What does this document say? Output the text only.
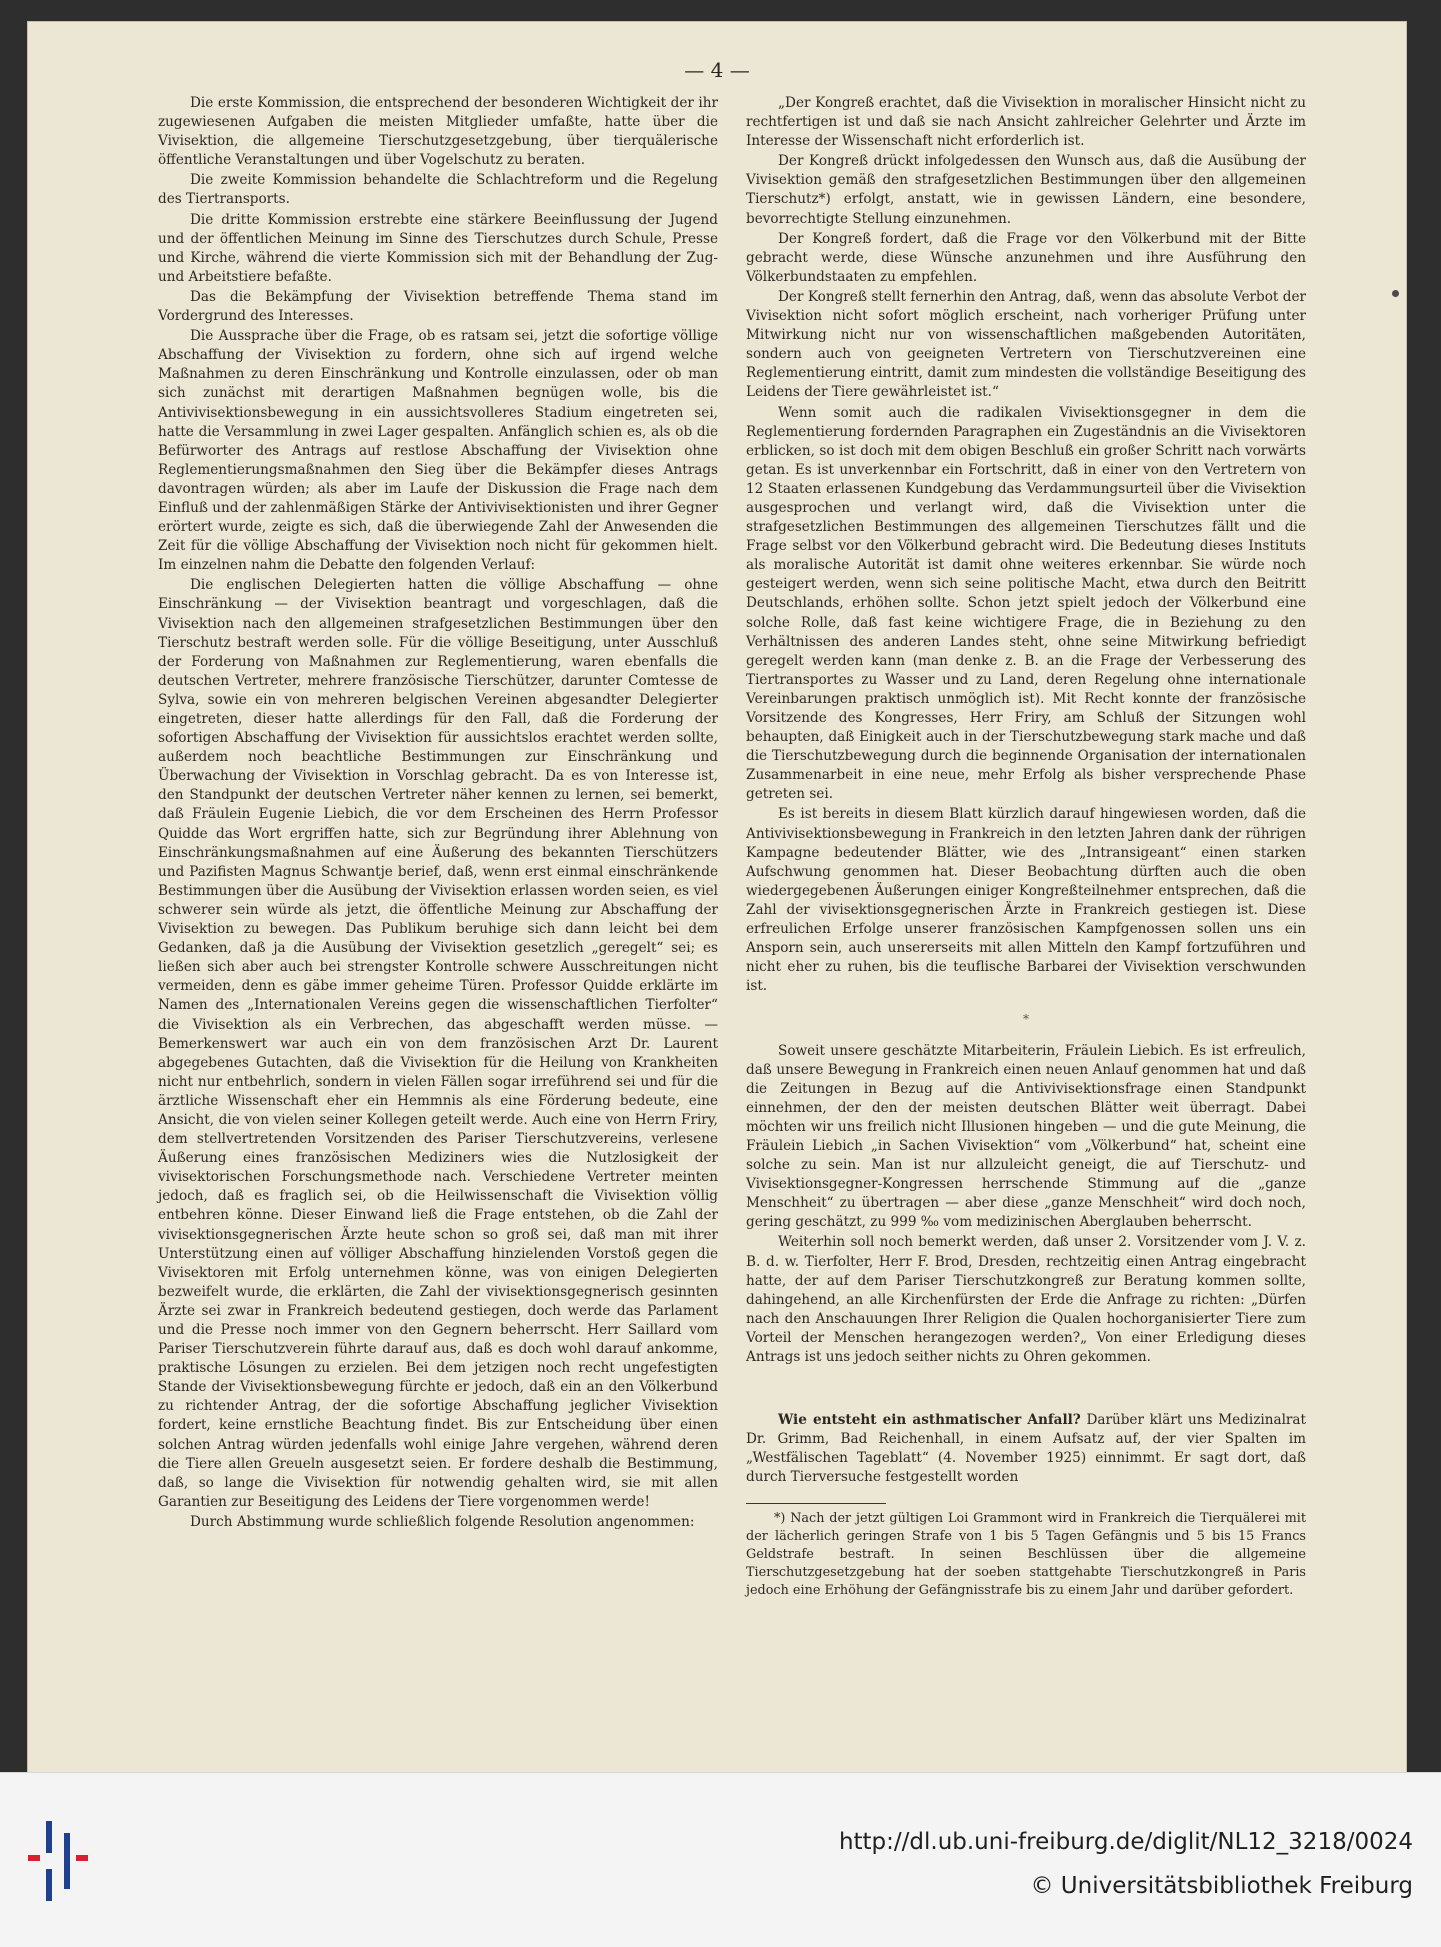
— 4 —

Die erste Kommission, die entsprechend der besonderen Wichtigkeit der ihr zugewiesenen Aufgaben die meisten Mitglieder umfaßte, hatte über die Vivisektion, die allgemeine Tierschutzgesetzgebung, über tierquälerische öffentliche Veranstaltungen und über Vogelschutz zu beraten.

Die zweite Kommission behandelte die Schlachtreform und die Regelung des Tiertransports.

Die dritte Kommission erstrebte eine stärkere Beeinflussung der Jugend und der öffentlichen Meinung im Sinne des Tierschutzes durch Schule, Presse und Kirche, während die vierte Kommission sich mit der Behandlung der Zug- und Arbeitstiere befaßte.

Das die Bekämpfung der Vivisektion betreffende Thema stand im Vordergrund des Interesses.

Die Aussprache über die Frage, ob es ratsam sei, jetzt die sofortige völlige Abschaffung der Vivisektion zu fordern, ohne sich auf irgend welche Maßnahmen zu deren Einschränkung und Kontrolle einzulassen, oder ob man sich zunächst mit derartigen Maßnahmen begnügen wolle, bis die Antivivisektionsbewegung in ein aussichtsvolleres Stadium eingetreten sei, hatte die Versammlung in zwei Lager gespalten. Anfänglich schien es, als ob die Befürworter des Antrags auf restlose Abschaffung der Vivisektion ohne Reglementierungsmaßnahmen den Sieg über die Bekämpfer dieses Antrags davontragen würden; als aber im Laufe der Diskussion die Frage nach dem Einfluß und der zahlenmäßigen Stärke der Antivivisektionisten und ihrer Gegner erörtert wurde, zeigte es sich, daß die überwiegende Zahl der Anwesenden die Zeit für die völlige Abschaffung der Vivisektion noch nicht für gekommen hielt. Im einzelnen nahm die Debatte den folgenden Verlauf:

Die englischen Delegierten hatten die völlige Abschaffung — ohne Einschränkung — der Vivisektion beantragt und vorgeschlagen, daß die Vivisektion nach den allgemeinen strafgesetzlichen Bestimmungen über den Tierschutz bestraft werden solle. Für die völlige Beseitigung, unter Ausschluß der Forderung von Maßnahmen zur Reglementierung, waren ebenfalls die deutschen Vertreter, mehrere französische Tierschützer, darunter Comtesse de Sylva, sowie ein von mehreren belgischen Vereinen abgesandter Delegierter eingetreten, dieser hatte allerdings für den Fall, daß die Forderung der sofortigen Abschaffung der Vivisektion für aussichtslos erachtet werden sollte, außerdem noch beachtliche Bestimmungen zur Einschränkung und Überwachung der Vivisektion in Vorschlag gebracht. Da es von Interesse ist, den Standpunkt der deutschen Vertreter näher kennen zu lernen, sei bemerkt, daß Fräulein Eugenie Liebich, die vor dem Erscheinen des Herrn Professor Quidde das Wort ergriffen hatte, sich zur Begründung ihrer Ablehnung von Einschränkungsmaßnahmen auf eine Äußerung des bekannten Tierschützers und Pazifisten Magnus Schwantje berief, daß, wenn erst einmal einschränkende Bestimmungen über die Ausübung der Vivisektion erlassen worden seien, es viel schwerer sein würde als jetzt, die öffentliche Meinung zur Abschaffung der Vivisektion zu bewegen. Das Publikum beruhige sich dann leicht bei dem Gedanken, daß ja die Ausübung der Vivisektion gesetzlich „geregelt“ sei; es ließen sich aber auch bei strengster Kontrolle schwere Ausschreitungen nicht vermeiden, denn es gäbe immer geheime Türen. Professor Quidde erklärte im Namen des „Internationalen Vereins gegen die wissenschaftlichen Tierfolter“ die Vivisektion als ein Verbrechen, das abgeschafft werden müsse. — Bemerkenswert war auch ein von dem französischen Arzt Dr. Laurent abgegebenes Gutachten, daß die Vivisektion für die Heilung von Krankheiten nicht nur entbehrlich, sondern in vielen Fällen sogar irreführend sei und für die ärztliche Wissenschaft eher ein Hemmnis als eine Förderung bedeute, eine Ansicht, die von vielen seiner Kollegen geteilt werde. Auch eine von Herrn Friry, dem stellvertretenden Vorsitzenden des Pariser Tierschutzvereins, verlesene Äußerung eines französischen Mediziners wies die Nutzlosigkeit der vivisektorischen Forschungsmethode nach. Verschiedene Vertreter meinten jedoch, daß es fraglich sei, ob die Heilwissenschaft die Vivisektion völlig entbehren könne. Dieser Einwand ließ die Frage entstehen, ob die Zahl der vivisektionsgegnerischen Ärzte heute schon so groß sei, daß man mit ihrer Unterstützung einen auf völliger Abschaffung hinzielenden Vorstoß gegen die Vivisektoren mit Erfolg unternehmen könne, was von einigen Delegierten bezweifelt wurde, die erklärten, die Zahl der vivisektionsgegnerisch gesinnten Ärzte sei zwar in Frankreich bedeutend gestiegen, doch werde das Parlament und die Presse noch immer von den Gegnern beherrscht. Herr Saillard vom Pariser Tierschutzverein führte darauf aus, daß es doch wohl darauf ankomme, praktische Lösungen zu erzielen. Bei dem jetzigen noch recht ungefestigten Stande der Vivisektionsbewegung fürchte er jedoch, daß ein an den Völkerbund zu richtender Antrag, der die sofortige Abschaffung jeglicher Vivisektion fordert, keine ernstliche Beachtung findet. Bis zur Entscheidung über einen solchen Antrag würden jedenfalls wohl einige Jahre vergehen, während deren die Tiere allen Greueln ausgesetzt seien. Er fordere deshalb die Bestimmung, daß, so lange die Vivisektion für notwendig gehalten wird, sie mit allen Garantien zur Beseitigung des Leidens der Tiere vorgenommen werde!

Durch Abstimmung wurde schließlich folgende Resolution angenommen:

„Der Kongreß erachtet, daß die Vivisektion in moralischer Hinsicht nicht zu rechtfertigen ist und daß sie nach Ansicht zahlreicher Gelehrter und Ärzte im Interesse der Wissenschaft nicht erforderlich ist.

Der Kongreß drückt infolgedessen den Wunsch aus, daß die Ausübung der Vivisektion gemäß den strafgesetzlichen Bestimmungen über den allgemeinen Tierschutz*) erfolgt, anstatt, wie in gewissen Ländern, eine besondere, bevorrechtigte Stellung einzunehmen.

Der Kongreß fordert, daß die Frage vor den Völkerbund mit der Bitte gebracht werde, diese Wünsche anzunehmen und ihre Ausführung den Völkerbundstaaten zu empfehlen.

Der Kongreß stellt fernerhin den Antrag, daß, wenn das absolute Verbot der Vivisektion nicht sofort möglich erscheint, nach vorheriger Prüfung unter Mitwirkung nicht nur von wissenschaftlichen maßgebenden Autoritäten, sondern auch von geeigneten Vertretern von Tierschutzvereinen eine Reglementierung eintritt, damit zum mindesten die vollständige Beseitigung des Leidens der Tiere gewährleistet ist.“

Wenn somit auch die radikalen Vivisektionsgegner in dem die Reglementierung fordernden Paragraphen ein Zugeständnis an die Vivisektoren erblicken, so ist doch mit dem obigen Beschluß ein großer Schritt nach vorwärts getan. Es ist unverkennbar ein Fortschritt, daß in einer von den Vertretern von 12 Staaten erlassenen Kundgebung das Verdammungsurteil über die Vivisektion ausgesprochen und verlangt wird, daß die Vivisektion unter die strafgesetzlichen Bestimmungen des allgemeinen Tierschutzes fällt und die Frage selbst vor den Völkerbund gebracht wird. Die Bedeutung dieses Instituts als moralische Autorität ist damit ohne weiteres erkennbar. Sie würde noch gesteigert werden, wenn sich seine politische Macht, etwa durch den Beitritt Deutschlands, erhöhen sollte. Schon jetzt spielt jedoch der Völkerbund eine solche Rolle, daß fast keine wichtigere Frage, die in Beziehung zu den Verhältnissen des anderen Landes steht, ohne seine Mitwirkung befriedigt geregelt werden kann (man denke z. B. an die Frage der Verbesserung des Tiertransportes zu Wasser und zu Land, deren Regelung ohne internationale Vereinbarungen praktisch unmöglich ist). Mit Recht konnte der französische Vorsitzende des Kongresses, Herr Friry, am Schluß der Sitzungen wohl behaupten, daß Einigkeit auch in der Tierschutzbewegung stark mache und daß die Tierschutzbewegung durch die beginnende Organisation der internationalen Zusammenarbeit in eine neue, mehr Erfolg als bisher versprechende Phase getreten sei.

Es ist bereits in diesem Blatt kürzlich darauf hingewiesen worden, daß die Antivivisektionsbewegung in Frankreich in den letzten Jahren dank der rührigen Kampagne bedeutender Blätter, wie des „Intransigeant“ einen starken Aufschwung genommen hat. Dieser Beobachtung dürften auch die oben wiedergegebenen Äußerungen einiger Kongreßteilnehmer entsprechen, daß die Zahl der vivisektionsgegnerischen Ärzte in Frankreich gestiegen ist. Diese erfreulichen Erfolge unserer französischen Kampfgenossen sollen uns ein Ansporn sein, auch unsererseits mit allen Mitteln den Kampf fortzuführen und nicht eher zu ruhen, bis die teuflische Barbarei der Vivisektion verschwunden ist.

*

Soweit unsere geschätzte Mitarbeiterin, Fräulein Liebich. Es ist erfreulich, daß unsere Bewegung in Frankreich einen neuen Anlauf genommen hat und daß die Zeitungen in Bezug auf die Antivivisektionsfrage einen Standpunkt einnehmen, der den der meisten deutschen Blätter weit überragt. Dabei möchten wir uns freilich nicht Illusionen hingeben — und die gute Meinung, die Fräulein Liebich „in Sachen Vivisektion“ vom „Völkerbund“ hat, scheint eine solche zu sein. Man ist nur allzuleicht geneigt, die auf Tierschutz- und Vivisektionsgegner-Kongressen herrschende Stimmung auf die „ganze Menschheit“ zu übertragen — aber diese „ganze Menschheit“ wird doch noch, gering geschätzt, zu 999 ‰ vom medizinischen Aberglauben beherrscht.

Weiterhin soll noch bemerkt werden, daß unser 2. Vorsitzender vom J. V. z. B. d. w. Tierfolter, Herr F. Brod, Dresden, rechtzeitig einen Antrag eingebracht hatte, der auf dem Pariser Tierschutzkongreß zur Beratung kommen sollte, dahingehend, an alle Kirchenfürsten der Erde die Anfrage zu richten: „Dürfen nach den Anschauungen Ihrer Religion die Qualen hochorganisierter Tiere zum Vorteil der Menschen herangezogen werden?„ Von einer Erledigung dieses Antrags ist uns jedoch seither nichts zu Ohren gekommen.

Wie entsteht ein asthmatischer Anfall? Darüber klärt uns Medizinalrat Dr. Grimm, Bad Reichenhall, in einem Aufsatz auf, der vier Spalten im „Westfälischen Tageblatt“ (4. November 1925) einnimmt. Er sagt dort, daß durch Tierversuche festgestellt worden

*) Nach der jetzt gültigen Loi Grammont wird in Frankreich die Tierquälerei mit der lächerlich geringen Strafe von 1 bis 5 Tagen Gefängnis und 5 bis 15 Francs Geldstrafe bestraft. In seinen Beschlüssen über die allgemeine Tierschutzgesetzgebung hat der soeben stattgehabte Tierschutzkongreß in Paris jedoch eine Erhöhung der Gefängnisstrafe bis zu einem Jahr und darüber gefordert.

http://dl.ub.uni-freiburg.de/diglit/NL12_3218/0024
© Universitätsbibliothek Freiburg
